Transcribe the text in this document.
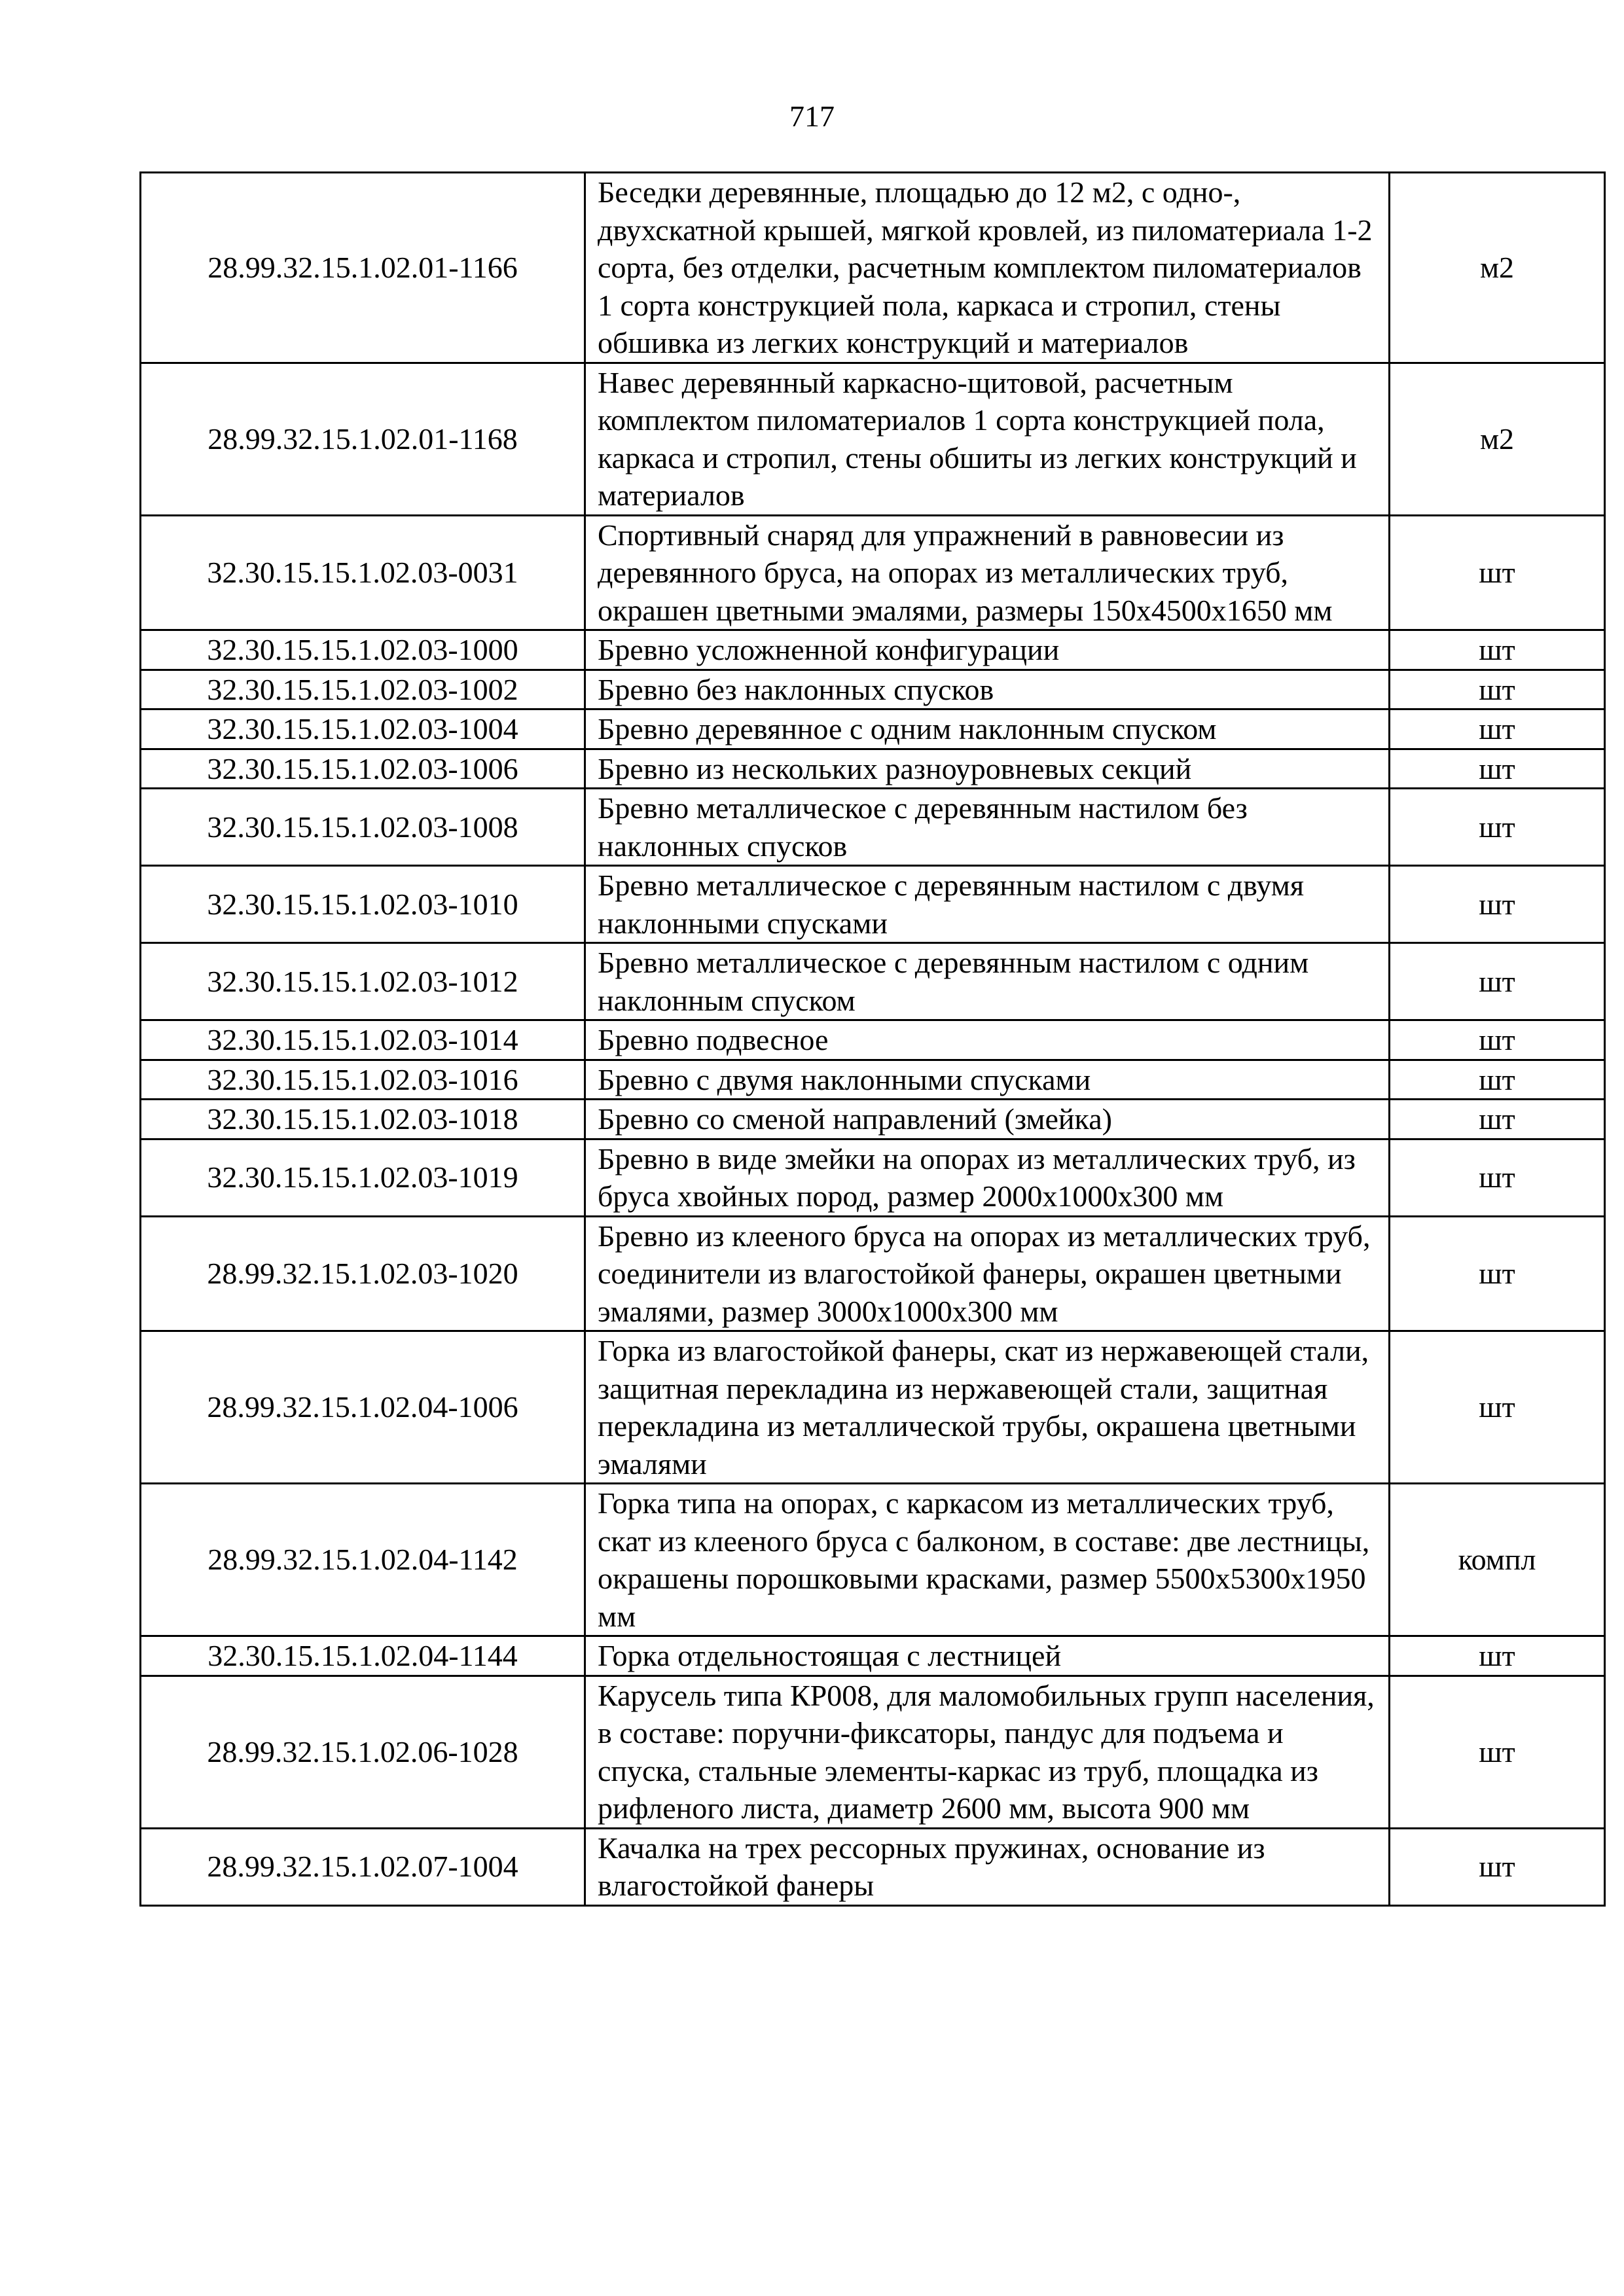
717
28.99.32.15.1.02.01-1166	Беседки деревянные, площадью до 12 м2, с одно-, двухскатной крышей, мягкой кровлей, из пиломатериала 1-2 сорта, без отделки, расчетным комплектом пиломатериалов 1 сорта конструкцией пола, каркаса и стропил, стены обшивка из легких конструкций и материалов	м2
28.99.32.15.1.02.01-1168	Навес деревянный каркасно-щитовой, расчетным комплектом пиломатериалов 1 сорта конструкцией пола, каркаса и стропил, стены обшиты из легких конструкций и материалов	м2
32.30.15.15.1.02.03-0031	Спортивный снаряд для упражнений в равновесии из деревянного бруса, на опорах из металлических труб, окрашен цветными эмалями, размеры 150х4500х1650 мм	шт
32.30.15.15.1.02.03-1000	Бревно усложненной конфигурации	шт
32.30.15.15.1.02.03-1002	Бревно без наклонных спусков	шт
32.30.15.15.1.02.03-1004	Бревно деревянное с одним наклонным спуском	шт
32.30.15.15.1.02.03-1006	Бревно из нескольких разноуровневых секций	шт
32.30.15.15.1.02.03-1008	Бревно металлическое с деревянным настилом без наклонных спусков	шт
32.30.15.15.1.02.03-1010	Бревно металлическое с деревянным настилом с двумя наклонными спусками	шт
32.30.15.15.1.02.03-1012	Бревно металлическое с деревянным настилом с одним наклонным спуском	шт
32.30.15.15.1.02.03-1014	Бревно подвесное	шт
32.30.15.15.1.02.03-1016	Бревно с двумя наклонными спусками	шт
32.30.15.15.1.02.03-1018	Бревно со сменой направлений (змейка)	шт
32.30.15.15.1.02.03-1019	Бревно в виде змейки на опорах из металлических труб, из бруса хвойных пород, размер 2000х1000х300 мм	шт
28.99.32.15.1.02.03-1020	Бревно из клееного бруса на опорах из металлических труб, соединители из влагостойкой фанеры, окрашен цветными эмалями, размер 3000х1000х300 мм	шт
28.99.32.15.1.02.04-1006	Горка из влагостойкой фанеры, скат из нержавеющей стали, защитная перекладина из нержавеющей стали, защитная перекладина из металлической трубы, окрашена цветными эмалями	шт
28.99.32.15.1.02.04-1142	Горка типа на опорах, с каркасом из металлических труб, скат из клееного бруса с балконом, в составе: две лестницы, окрашены порошковыми красками, размер 5500х5300х1950 мм	компл
32.30.15.15.1.02.04-1144	Горка отдельностоящая с лестницей	шт
28.99.32.15.1.02.06-1028	Карусель типа КР008, для маломобильных групп населения, в составе: поручни-фиксаторы, пандус для подъема и спуска, стальные элементы-каркас из труб, площадка из рифленого листа, диаметр 2600 мм, высота 900 мм	шт
28.99.32.15.1.02.07-1004	Качалка на трех рессорных пружинах, основание из влагостойкой фанеры	шт
